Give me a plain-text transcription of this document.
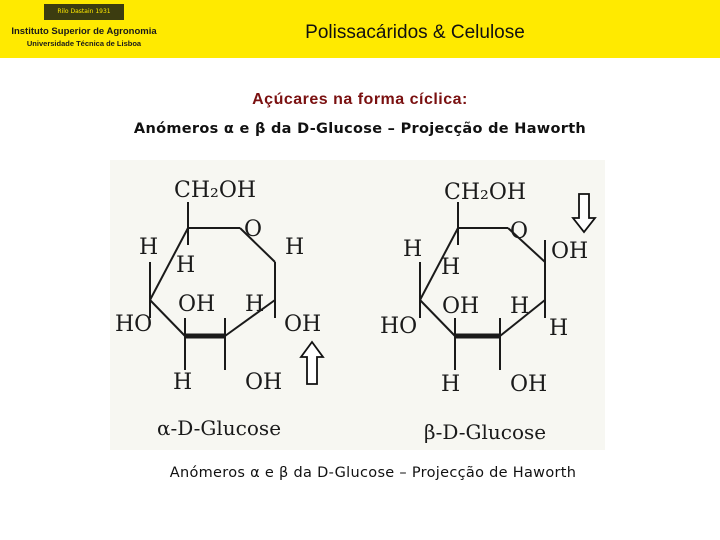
Rilo Dastain 1931
Instituto Superior de Agronomia
Universidade Técnica de Lisboa
Polissacáridos & Celulose
Açúcares na forma cíclica:
Anómeros α e β da D-Glucose – Projecção de Haworth
CH₂OH
O
H
H
H
HO
OH H
OH
H OH
α-D-Glucose
CH₂OH
O
H
H
OH
HO
OH H
H
H OH
β-D-Glucose
Anómeros α e β da D-Glucose – Projecção de Haworth
